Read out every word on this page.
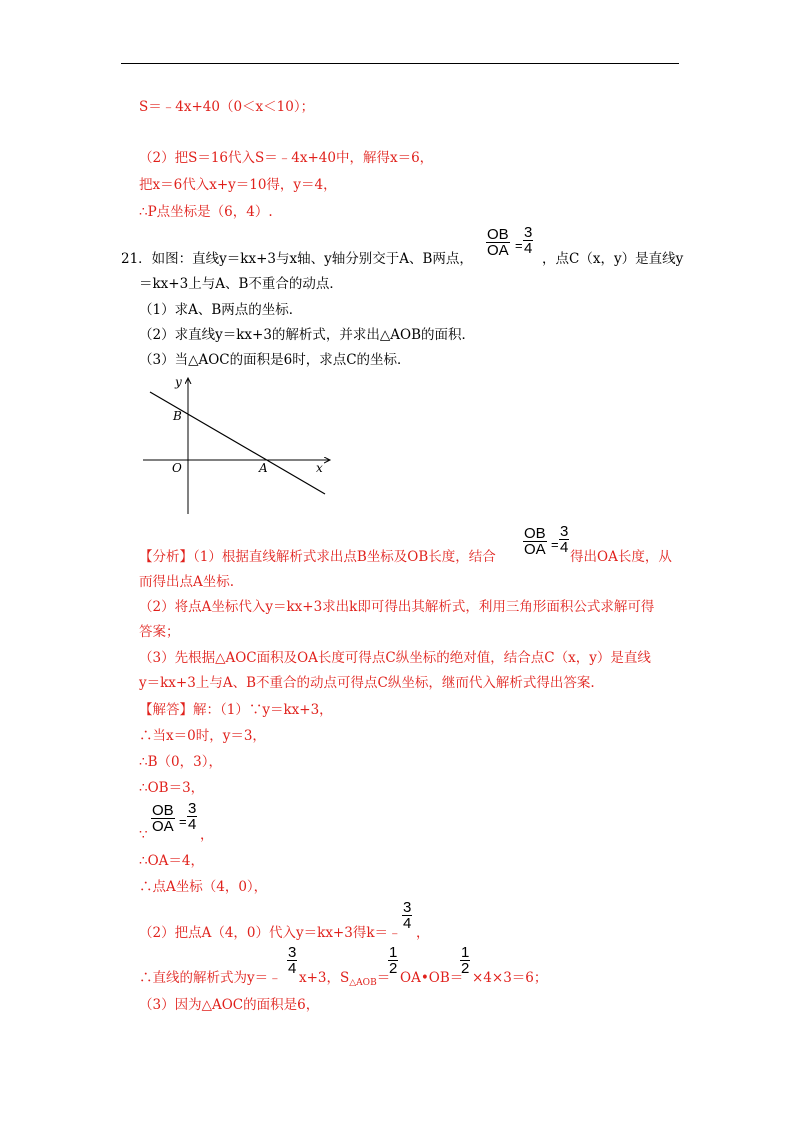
S＝﹣4x+40（0＜x＜10）；
（2）把S＝16代入S＝﹣4x+40中，解得x＝6，
把x＝6代入x+y＝10得，y＝4，
∴P点坐标是（6，4）.
21．如图：直线y＝kx+3与x轴、y轴分别交于A、B两点，
$\frac{OB}{OA} = \frac{3}{4}$
，点C（x，y）是直线y
＝kx+3上与A、B不重合的动点．
（1）求A、B两点的坐标．
（2）求直线y＝kx+3的解析式，并求出△AOB的面积．
（3）当△AOC的面积是6时，求点C的坐标．
y
x
O	A
B
【分析】（1）根据直线解析式求出点B坐标及OB长度，结合 $\frac{OB}{OA} = \frac{3}{4}$
得出OA长度，从
而得出点A坐标.
（2）将点A坐标代入y＝kx+3求出k即可得出其解析式，利用三角形面积公式求解可得
答案；
（3）先根据△AOC面积及OA长度可得点C纵坐标的绝对值，结合点C（x，y）是直线
y＝kx+3上与A、B不重合的动点可得点C纵坐标，继而代入解析式得出答案.
【解答】解：（1）∵y＝kx+3，
∴当x＝0时，y＝3，
∴B（0，3），
∴OB＝3，
∵
$\frac{OB}{OA} = \frac{3}{4}$
，
∴OA＝4，
∴点A坐标（4，0），
（2）把点A（4，0）代入y＝kx+3得k＝﹣
$\frac{3}{4}$
，
∴直线的解析式为y＝﹣
$\frac{3}{4}$
x+3，$S_{\triangle AOB}=$
$\frac{1}{2}$
OA•OB＝
$\frac{1}{2}$
×4×3＝6；
（3）因为△AOC的面积是6，
